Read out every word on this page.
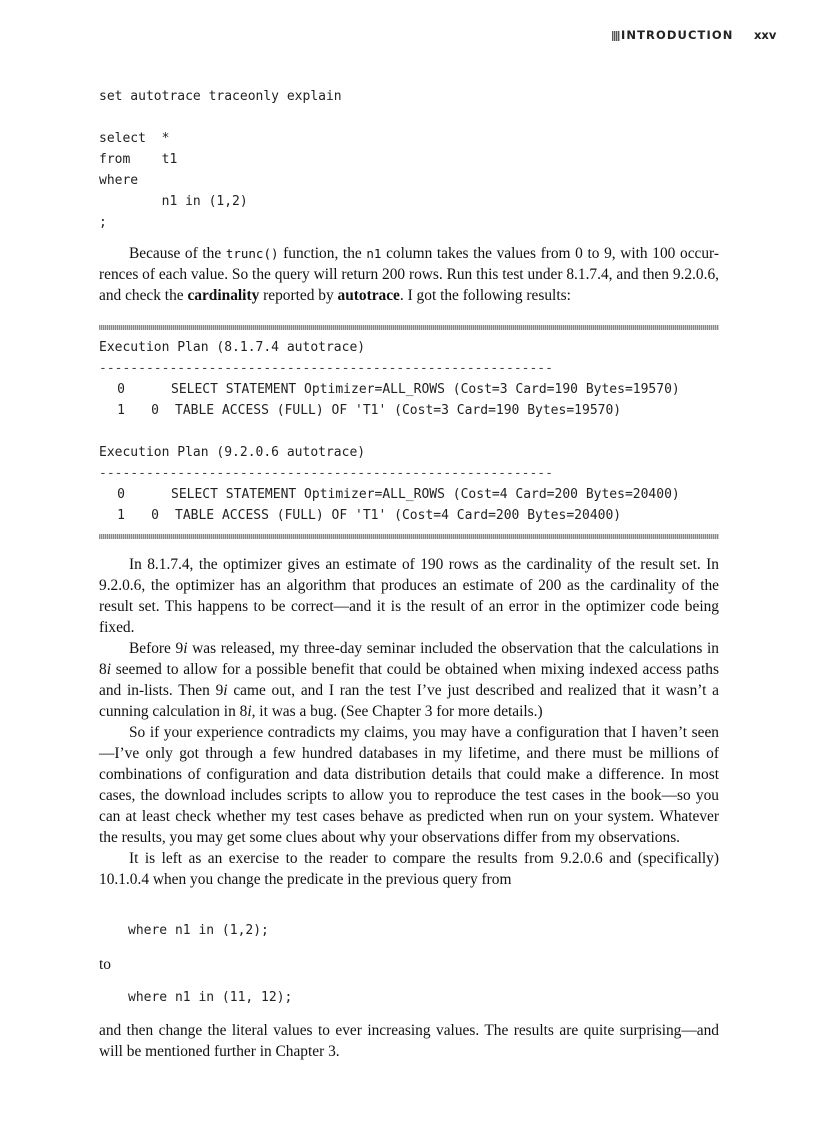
INTRODUCTION xxv
set autotrace traceonly explain

select  *
from    t1
where
n1 in (1,2)
;

Because of the trunc() function, the n1 column takes the values from 0 to 9, with 100 occur-rences of each value. So the query will return 200 rows. Run this test under 8.1.7.4, and then 9.2.0.6, and check the cardinality reported by autotrace. I got the following results:

Execution Plan (8.1.7.4 autotrace)
----------------------------------------------------------
0	SELECT STATEMENT Optimizer=ALL_ROWS (Cost=3 Card=190 Bytes=19570)
1 0 TABLE ACCESS (FULL) OF 'T1' (Cost=3 Card=190 Bytes=19570)

Execution Plan (9.2.0.6 autotrace)
----------------------------------------------------------
0	SELECT STATEMENT Optimizer=ALL_ROWS (Cost=4 Card=200 Bytes=20400)
1 0 TABLE ACCESS (FULL) OF 'T1' (Cost=4 Card=200 Bytes=20400)

In 8.1.7.4, the optimizer gives an estimate of 190 rows as the cardinality of the result set. In 9.2.0.6, the optimizer has an algorithm that produces an estimate of 200 as the cardinality of the result set. This happens to be correct—and it is the result of an error in the optimizer code being fixed.

Before 9i was released, my three-day seminar included the observation that the calculations in 8i seemed to allow for a possible benefit that could be obtained when mixing indexed access paths and in-lists. Then 9i came out, and I ran the test I’ve just described and realized that it wasn’t a cunning calculation in 8i, it was a bug. (See Chapter 3 for more details.)

So if your experience contradicts my claims, you may have a configuration that I haven’t seen—I’ve only got through a few hundred databases in my lifetime, and there must be millions of combinations of configuration and data distribution details that could make a difference. In most cases, the download includes scripts to allow you to reproduce the test cases in the book—so you can at least check whether my test cases behave as predicted when run on your system. Whatever the results, you may get some clues about why your observations differ from my observations.

It is left as an exercise to the reader to compare the results from 9.2.0.6 and (specifically) 10.1.0.4 when you change the predicate in the previous query from

where n1 in (1,2);

to

where n1 in (11, 12);

and then change the literal values to ever increasing values. The results are quite surprising—and will be mentioned further in Chapter 3.
